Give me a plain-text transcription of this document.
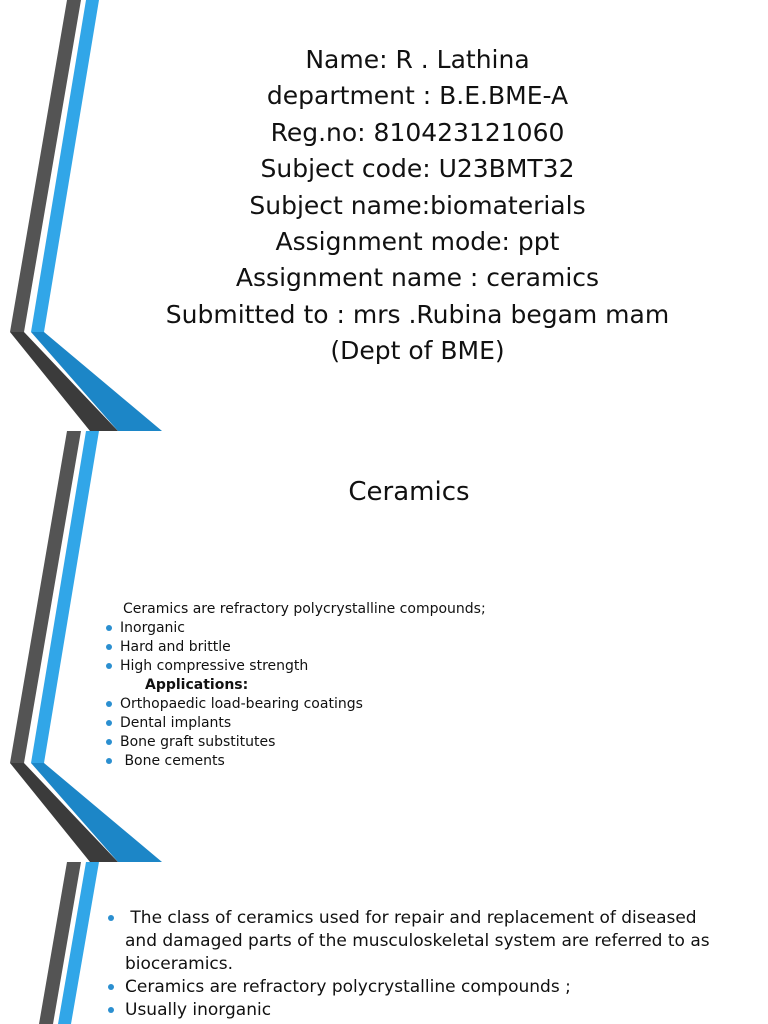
Name: R . Lathina
department : B.E.BME-A
Reg.no: 810423121060
Subject code: U23BMT32
Subject name:biomaterials
Assignment mode: ppt
Assignment name : ceramics
Submitted to : mrs .Rubina begam mam
(Dept of BME)
Ceramics
Ceramics are refractory polycrystalline compounds;
Inorganic
Hard and brittle
High compressive strength
Applications:
Orthopaedic load-bearing coatings
Dental implants
Bone graft substitutes
Bone cements
The class of ceramics used for repair and replacement of diseased and damaged parts of the musculoskeletal system are referred to as bioceramics.
Ceramics are refractory polycrystalline compounds ;
Usually inorganic
